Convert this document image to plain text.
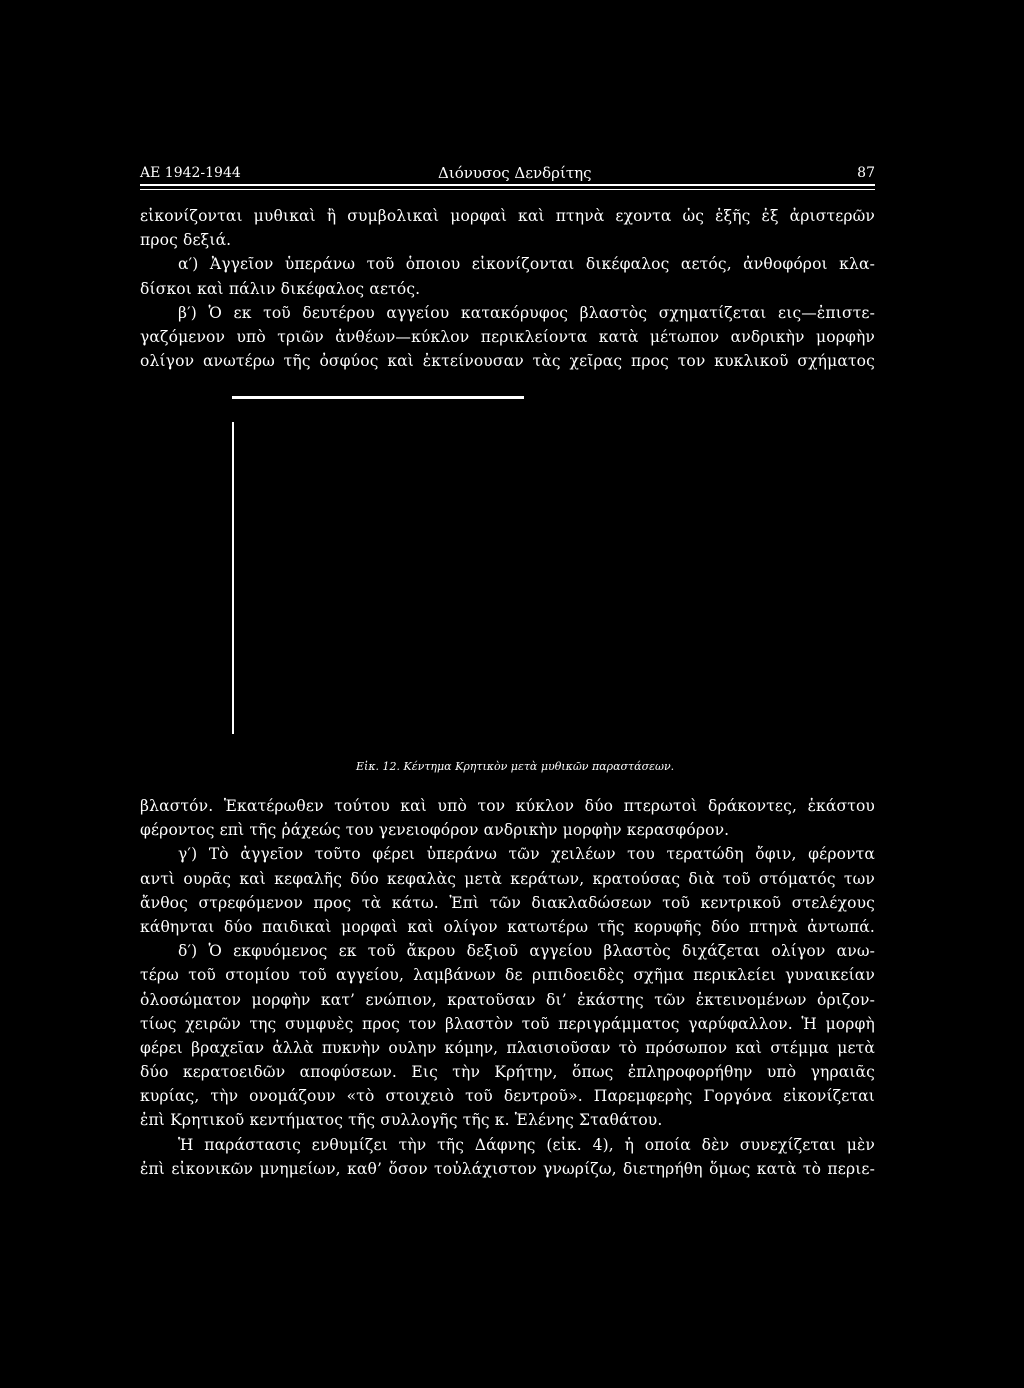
ΑΕ 1942-1944	Διόνυσος Δενδρίτης	87
εἰκονίζονται μυθικαὶ ἢ συμβολικαὶ μορφαὶ καὶ πτηνὰ εχοντα ὡς ἑξῆς ἐξ ἀριστερῶν
προς δεξιά.
α′) Ἀγγεῖον ὑπεράνω τοῦ ὁποιου εἰκονίζονται δικέφαλος αετός, ἀνθοφόροι κλα-
δίσκοι καὶ πάλιν δικέφαλος αετός.
β′) Ὁ εκ τοῦ δευτέρου αγγείου κατακόρυφος βλαστὸς σχηματίζεται εις—ἐπιστε-
γαζόμενον υπὸ τριῶν ἀνθέων—κύκλον περικλείοντα κατὰ μέτωπον ανδρικὴν μορφὴν
ολίγον ανωτέρω τῆς ὀσφύος καὶ ἐκτείνουσαν τὰς χεῖρας προς τον κυκλικοῦ σχήματος
Εἰκ. 12. Κέντημα Κρητικὸν μετὰ μυθικῶν παραστάσεων.
βλαστόν. Ἑκατέρωθεν τούτου καὶ υπὸ τον κύκλον δύο πτερωτοὶ δράκοντες, ἑκάστου
φέροντος επὶ τῆς ῥάχεώς του γενειοφόρον ανδρικὴν μορφὴν κερασφόρον.
γ′) Τὸ ἀγγεῖον τοῦτο φέρει ὑπεράνω τῶν χειλέων του τερατώδη ὄφιν, φέροντα
αντὶ ουρᾶς καὶ κεφαλῆς δύο κεφαλὰς μετὰ κεράτων, κρατούσας διὰ τοῦ στόματός των
ἄνθος στρεφόμενον προς τὰ κάτω. Ἐπὶ τῶν διακλαδώσεων τοῦ κεντρικοῦ στελέχους
κάθηνται δύο παιδικαὶ μορφαὶ καὶ ολίγον κατωτέρω τῆς κορυφῆς δύο πτηνὰ ἀντωπά.
δ′) Ὁ εκφυόμενος εκ τοῦ ἄκρου δεξιοῦ αγγείου βλαστὸς διχάζεται ολίγον ανω-
τέρω τοῦ στομίου τοῦ αγγείου, λαμβάνων δε ριπιδοειδὲς σχῆμα περικλείει γυναικείαν
ὁλοσώματον μορφὴν κατ’ ενώπιον, κρατοῦσαν δι’ ἑκάστης τῶν ἐκτεινομένων ὁριζον-
τίως χειρῶν της συμφυὲς προς τον βλαστὸν τοῦ περιγράμματος γαρύφαλλον. Ἡ μορφὴ
φέρει βραχεῖαν ἀλλὰ πυκνὴν ουλην κόμην, πλαισιοῦσαν τὸ πρόσωπον καὶ στέμμα μετὰ
δύο κερατοειδῶν αποφύσεων. Εις τὴν Κρήτην, ὅπως ἐπληροφορήθην υπὸ γηραιᾶς
κυρίας, τὴν ονομάζουν «τὸ στοιχειὸ τοῦ δεντροῦ». Παρεμφερὴς Γοργόνα εἰκονίζεται
ἐπὶ Κρητικοῦ κεντήματος τῆς συλλογῆς τῆς κ. Ἑλένης Σταθάτου.
Ἡ παράστασις ενθυμίζει τὴν τῆς Δάφνης (εἰκ. 4), ἡ οποία δὲν συνεχίζεται μὲν
ἐπὶ εἰκονικῶν μνημείων, καθ’ ὅσον τοὐλάχιστον γνωρίζω, διετηρήθη ὅμως κατὰ τὸ περιε-
